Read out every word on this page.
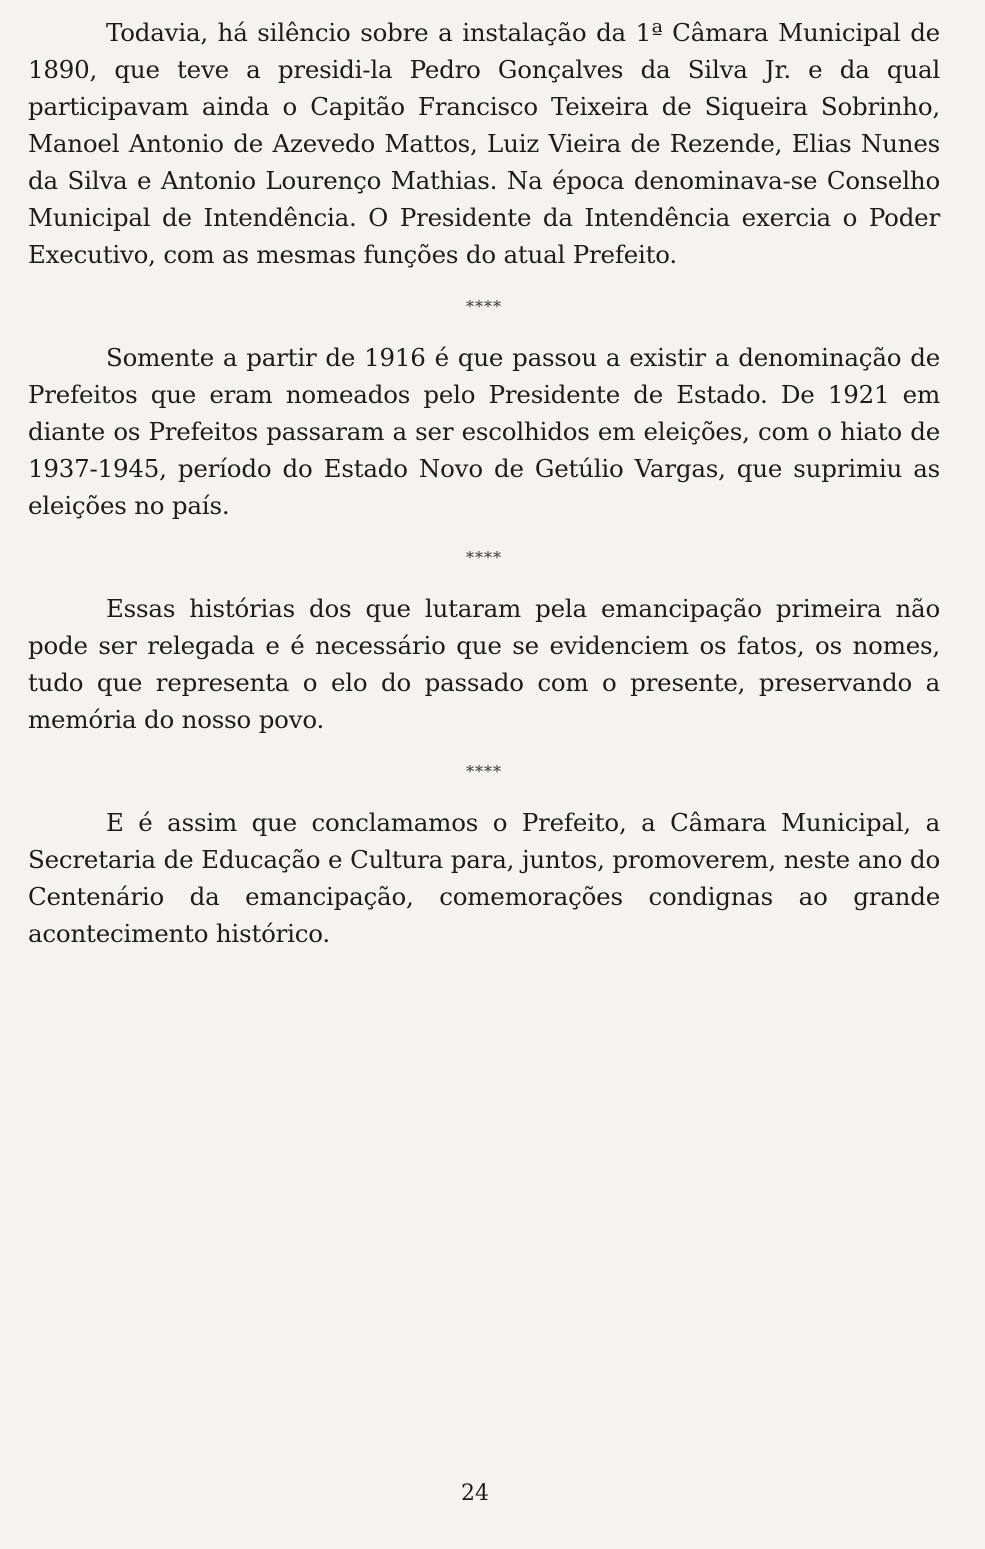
Todavia, há silêncio sobre a instalação da 1ª Câmara Municipal de 1890, que teve a presidi-la Pedro Gonçalves da Silva Jr. e da qual participavam ainda o Capitão Francisco Teixeira de Siqueira Sobrinho, Manoel Antonio de Azevedo Mattos, Luiz Vieira de Rezende, Elias Nunes da Silva e Antonio Lourenço Mathias. Na época denominava-se Conselho Municipal de Intendência. O Presidente da Intendência exercia o Poder Executivo, com as mesmas funções do atual Prefeito.

****

Somente a partir de 1916 é que passou a existir a denominação de Prefeitos que eram nomeados pelo Presidente de Estado. De 1921 em diante os Prefeitos passaram a ser escolhidos em eleições, com o hiato de 1937-1945, período do Estado Novo de Getúlio Vargas, que suprimiu as eleições no país.

****

Essas histórias dos que lutaram pela emancipação primeira não pode ser relegada e é necessário que se evidenciem os fatos, os nomes, tudo que representa o elo do passado com o presente, preservando a memória do nosso povo.

****

E é assim que conclamamos o Prefeito, a Câmara Municipal, a Secretaria de Educação e Cultura para, juntos, promoverem, neste ano do Centenário da emancipação, comemorações condignas ao grande acontecimento histórico.

24
